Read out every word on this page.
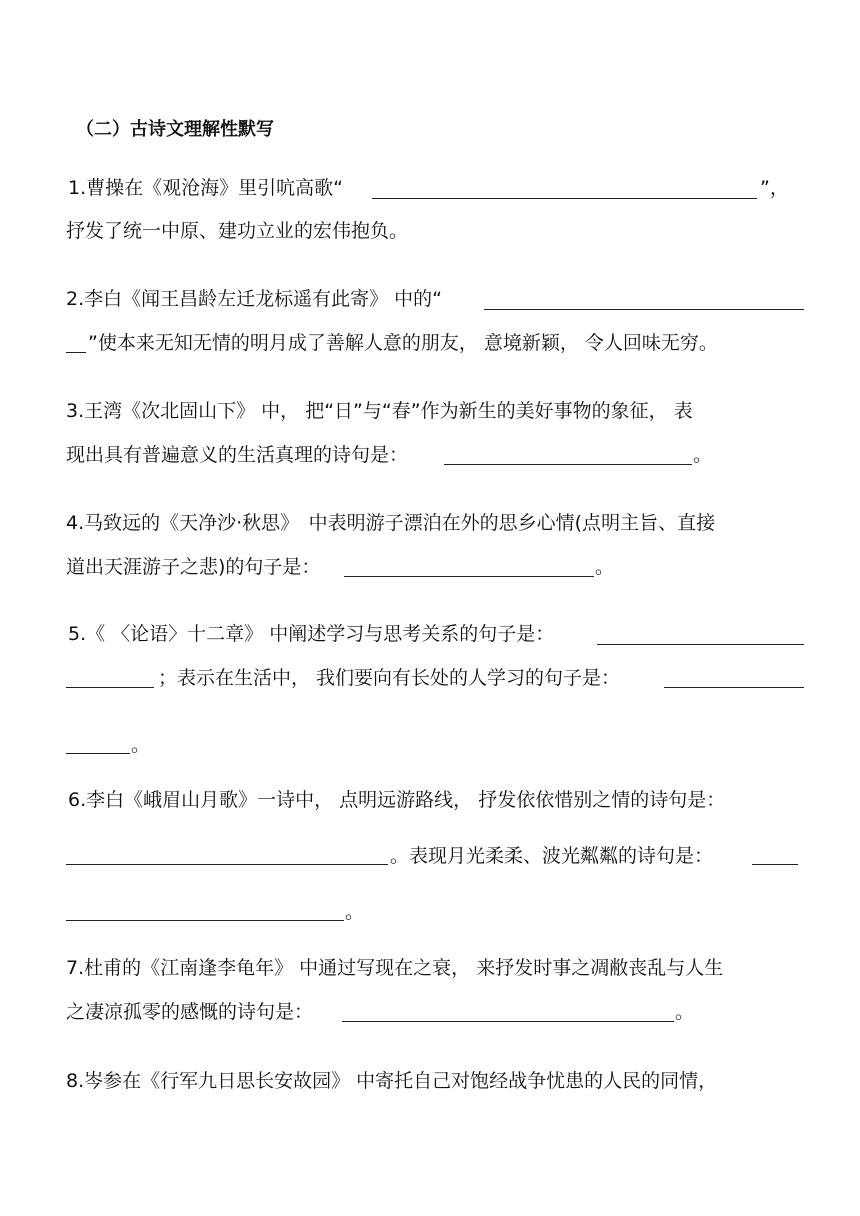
（二）古诗文理解性默写
1.曹操在《观沧海》里引吭高歌“	”，
抒发了统一中原、建功立业的宏伟抱负。
2.李白《闻王昌龄左迁龙标遥有此寄》 中的“
”使本来无知无情的明月成了善解人意的朋友， 意境新颖， 令人回味无穷。
3.王湾《次北固山下》 中， 把“日”与“春”作为新生的美好事物的象征， 表
现出具有普遍意义的生活真理的诗句是：	。
4.马致远的《天净沙·秋思》　中表明游子漂泊在外的思乡心情(点明主旨、直接
道出天涯游子之悲)的句子是：	。
5.《 〈论语〉十二章》 中阐述学习与思考关系的句子是：
；表示在生活中， 我们要向有长处的人学习的句子是：
。
6.李白《峨眉山月歌》一诗中， 点明远游路线， 抒发依依惜别之情的诗句是：
。表现月光柔柔、波光粼粼的诗句是：
。
7.杜甫的《江南逢李龟年》 中通过写现在之衰， 来抒发时事之凋敝丧乱与人生
之凄凉孤零的感慨的诗句是：	。
8.岑参在《行军九日思长安故园》 中寄托自己对饱经战争忧患的人民的同情，
